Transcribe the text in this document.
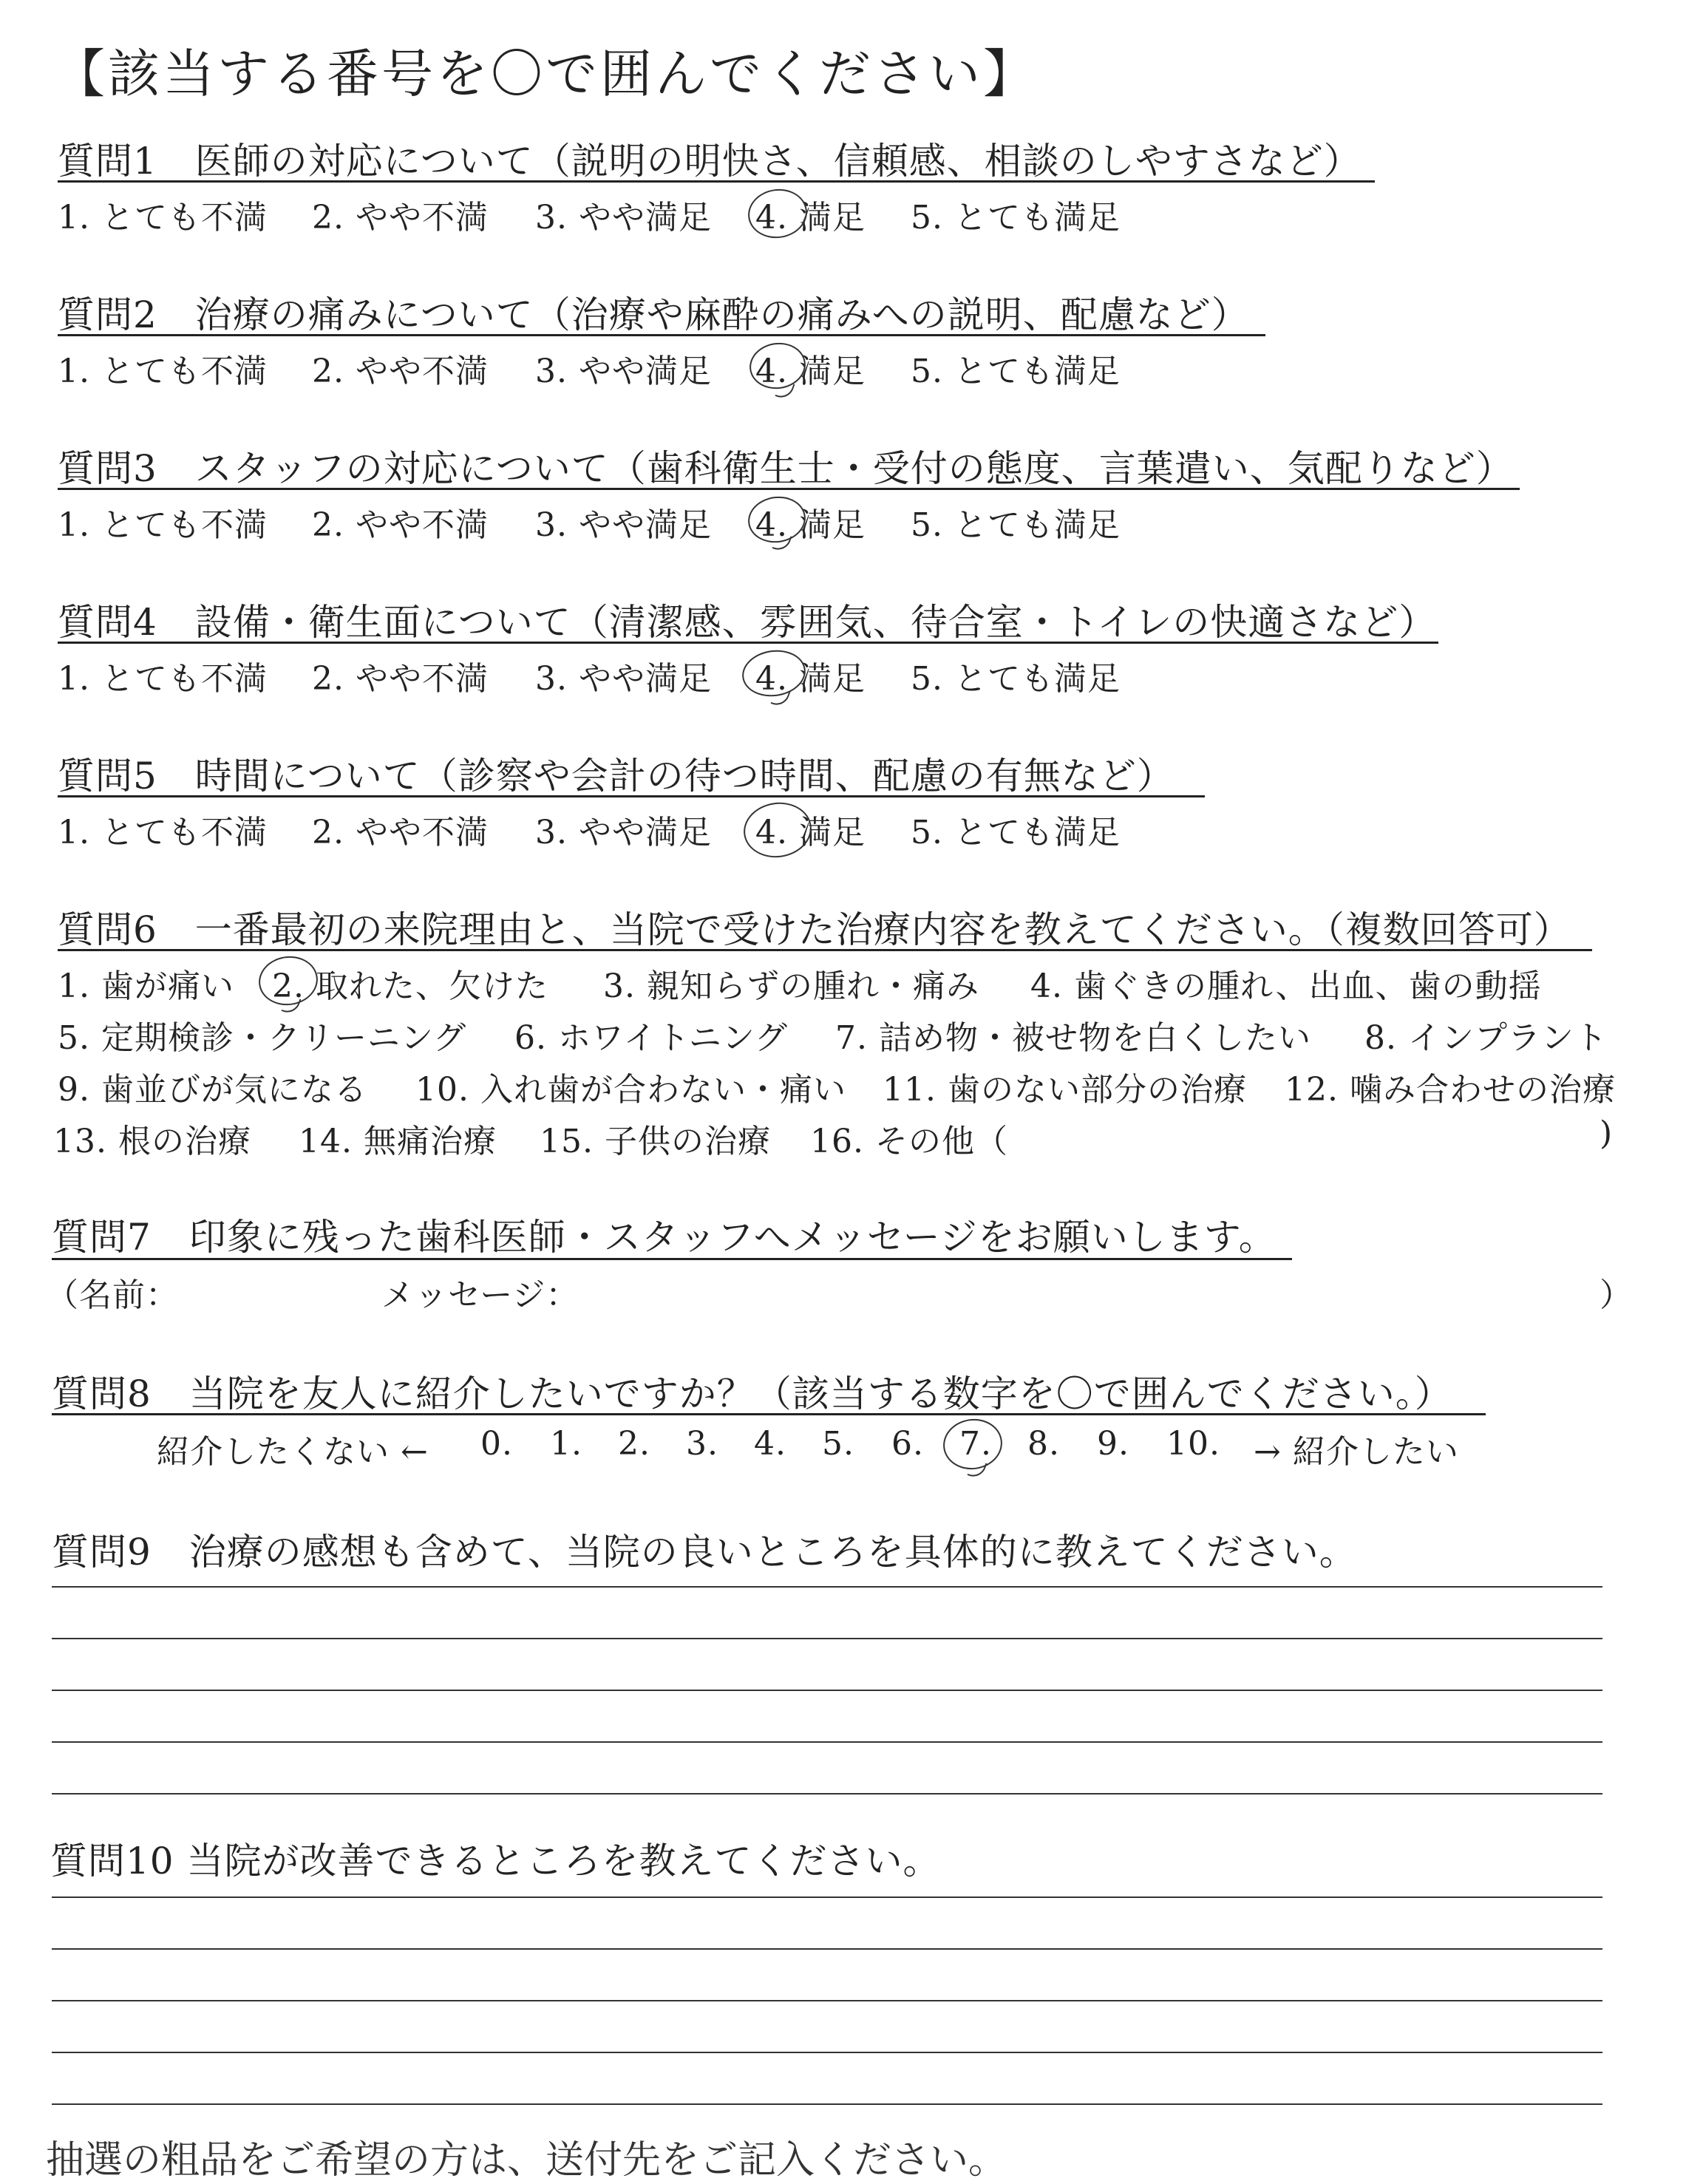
【該当する番号を〇で囲んでください】
質問1　医師の対応について（説明の明快さ、信頼感、相談のしやすさなど）
1. とても不満 2. やや不満 3. やや満足 4. 満足 5. とても満足
質問2　治療の痛みについて（治療や麻酔の痛みへの説明、配慮など）
1. とても不満 2. やや不満 3. やや満足 4. 満足 5. とても満足
質問3　スタッフの対応について（歯科衛生士・受付の態度、言葉遣い、気配りなど）
1. とても不満 2. やや不満 3. やや満足 4. 満足 5. とても満足
質問4　設備・衛生面について（清潔感、雰囲気、待合室・トイレの快適さなど）
1. とても不満 2. やや不満 3. やや満足 4. 満足 5. とても満足
質問5　時間について（診察や会計の待つ時間、配慮の有無など）
1. とても不満 2. やや不満 3. やや満足 4. 満足 5. とても満足
質問6　一番最初の来院理由と、当院で受けた治療内容を教えてください。（複数回答可）
1. 歯が痛い 2. 取れた、欠けた 3. 親知らずの腫れ・痛み 4. 歯ぐきの腫れ、出血、歯の動揺
5. 定期検診・クリーニング 6. ホワイトニング 7. 詰め物・被せ物を白くしたい 8. インプラント
9. 歯並びが気になる 10. 入れ歯が合わない・痛い 11. 歯のない部分の治療 12. 噛み合わせの治療
13. 根の治療 14. 無痛治療 15. 子供の治療 16. その他（	)
質問7　印象に残った歯科医師・スタッフへメッセージをお願いします。
（名前：	メッセージ：	）
質問8　当院を友人に紹介したいですか？（該当する数字を〇で囲んでください。）
紹介したくない ← 0. 1. 2. 3. 4. 5. 6. 7. 8. 9. 10. → 紹介したい
質問9　治療の感想も含めて、当院の良いところを具体的に教えてください。
質問10 当院が改善できるところを教えてください。
抽選の粗品をご希望の方は、送付先をご記入ください。
